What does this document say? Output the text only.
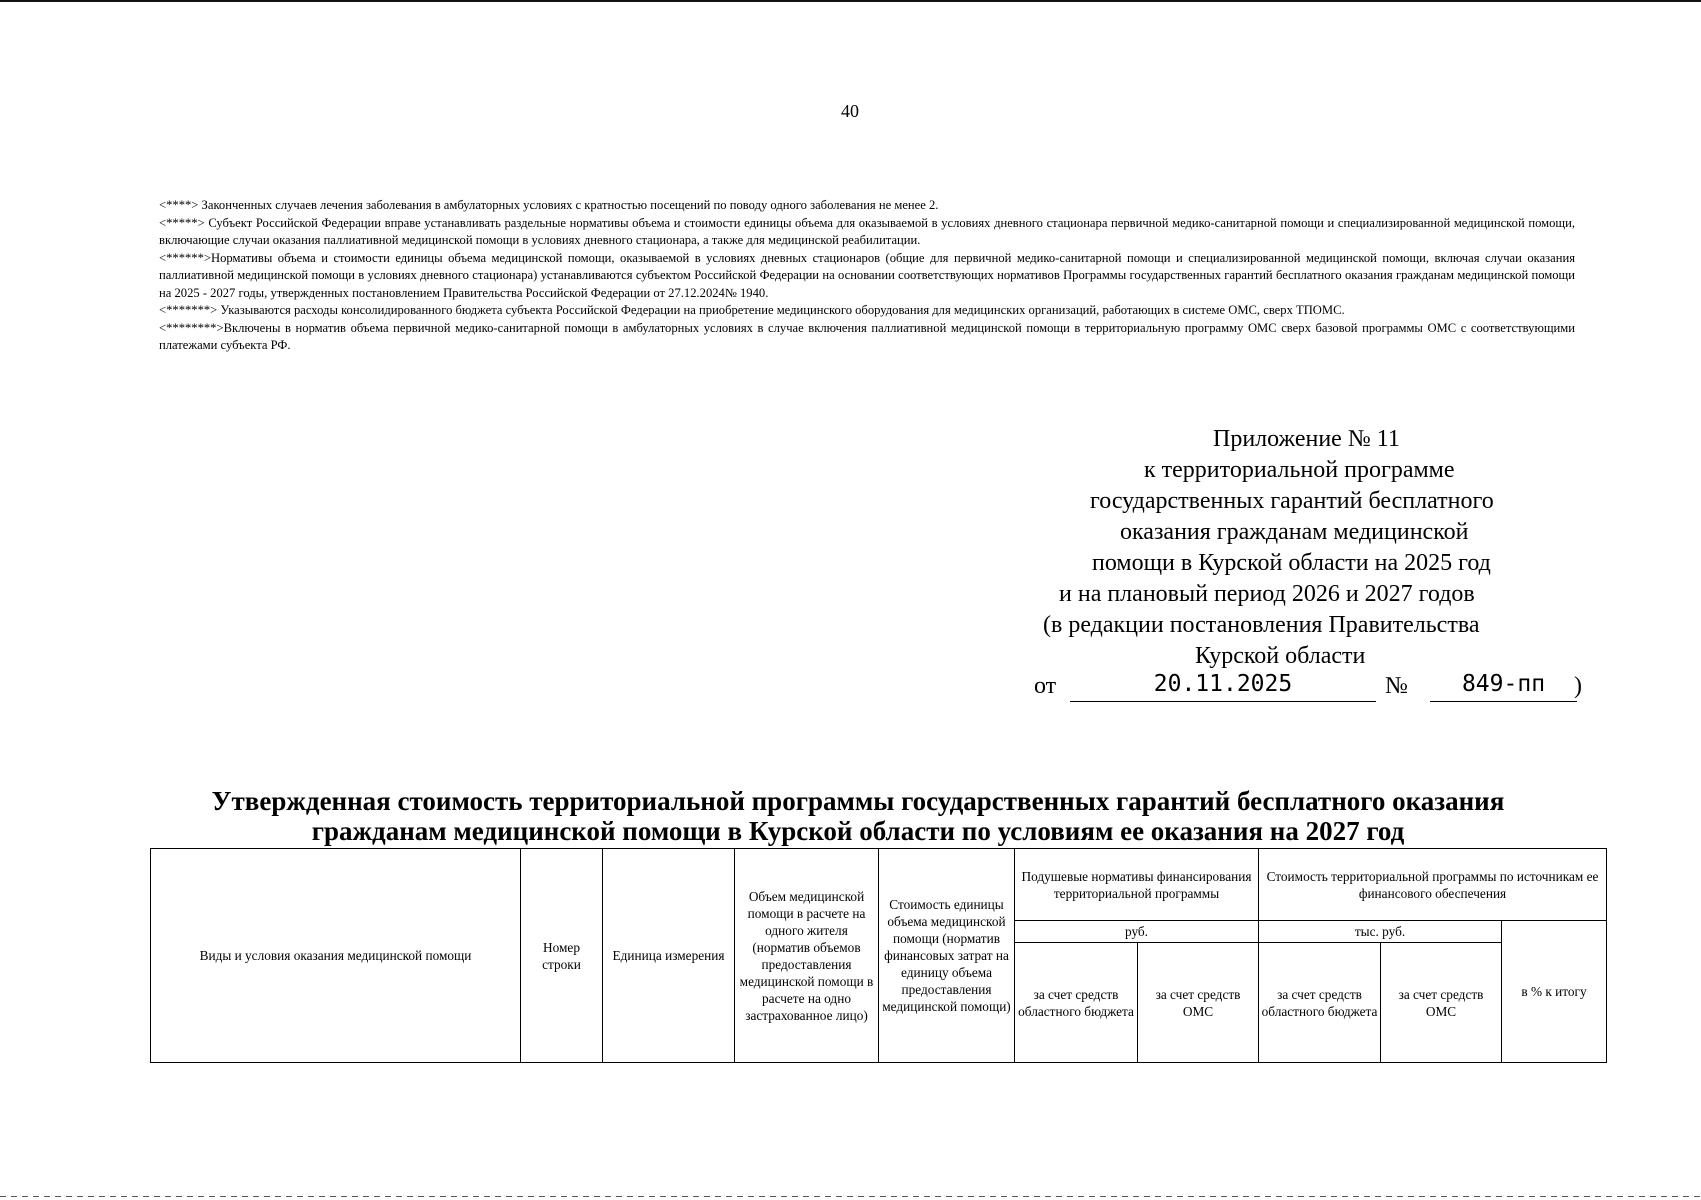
40

<****> Законченных случаев лечения заболевания в амбулаторных условиях с кратностью посещений по поводу одного заболевания не менее 2.

<*****> Субъект Российской Федерации вправе устанавливать раздельные нормативы объема и стоимости единицы объема для оказываемой в условиях дневного стационара первичной медико-санитарной помощи и специализированной медицинской помощи, включающие случаи оказания паллиативной медицинской помощи в условиях дневного стационара, а также для медицинской реабилитации.

<******>Нормативы объема и стоимости единицы объема медицинской помощи, оказываемой в условиях дневных стационаров (общие для первичной медико-санитарной помощи и специализированной медицинской помощи, включая случаи оказания паллиативной медицинской помощи в условиях дневного стационара) устанавливаются субъектом Российской Федерации на основании соответствующих нормативов Программы государственных гарантий бесплатного оказания гражданам медицинской помощи на 2025 - 2027 годы, утвержденных постановлением Правительства Российской Федерации от 27.12.2024№ 1940.

<*******> Указываются расходы консолидированного бюджета субъекта Российской Федерации на приобретение медицинского оборудования для медицинских организаций, работающих в системе ОМС, сверх ТПОМС.

<********>Включены в норматив объема первичной медико-санитарной помощи в амбулаторных условиях в случае включения паллиативной медицинской помощи в территориальную программу ОМС сверх базовой программы ОМС с соответствующими платежами субъекта РФ.

Приложение № 11
к территориальной программе
государственных гарантий бесплатного
оказания гражданам медицинской
помощи в Курской области на 2025 год
и на плановый период 2026 и 2027 годов
(в редакции постановления Правительства
Курской области
от	20.11.2025	№	849-пп	)
Утвержденная стоимость территориальной программы государственных гарантий бесплатного оказания
гражданам медицинской помощи в Курской области по условиям ее оказания на 2027 год
Виды и условия оказания медицинской помощи	Номер строки	Единица измерения	Объем медицинской помощи в расчете на одного жителя (норматив объемов предоставления медицинской помощи в расчете на одно застрахованное лицо)	Стоимость единицы объема медицинской помощи (норматив финансовых затрат на единицу объема предоставления медицинской помощи)	Подушевые нормативы финансирования территориальной программы		Стоимость территориальной программы по источникам ее финансового обеспечения		
					руб.		тыс. руб.		в % к итогу
					за счет средств областного бюджета	за счет средств ОМС	за счет средств областного бюджета	за счет средств ОМС	
